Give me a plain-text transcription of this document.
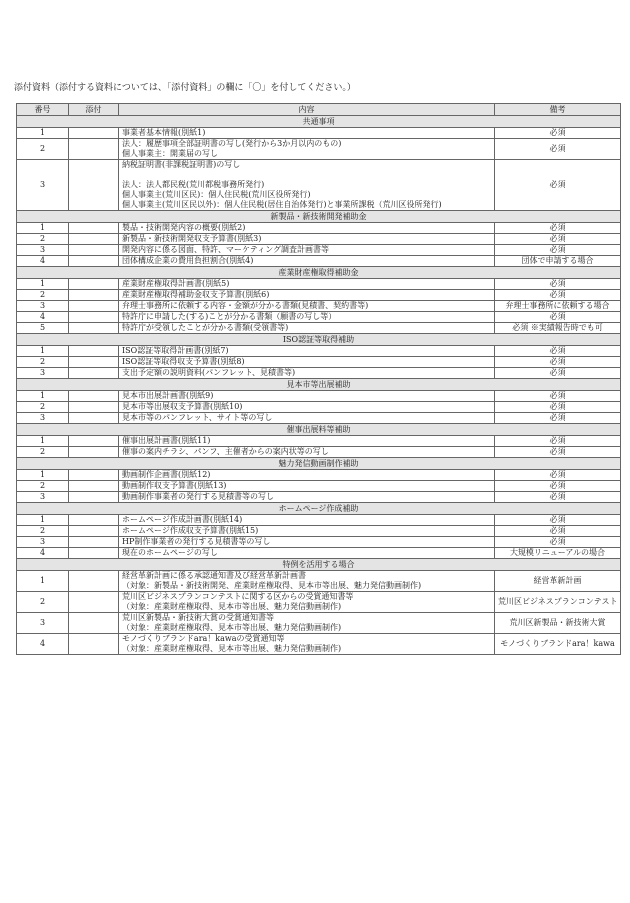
添付資料（添付する資料については、「添付資料」の欄に「〇」を付してください。）
番号	添付	内容	備考
共通事項			
1		事業者基本情報(別紙1)	必須
2		法人：履歴事項全部証明書の写し(発行から3か月以内のもの)
個人事業主：開業届の写し	必須
3		納税証明書(非課税証明書)の写し

法人：法人都民税(荒川都税事務所発行)
個人事業主(荒川区民)：個人住民税(荒川区役所発行)
個人事業主(荒川区民以外)：個人住民税(居住自治体発行)と事業所課税（荒川区役所発行)	必須
新製品・新技術開発補助金			
1		製品・技術開発内容の概要(別紙2)	必須
2		新製品・新技術開発収支予算書(別紙3)	必須
3		開発内容に係る図面、特許、マーケティング調査計画書等	必須
4		団体構成企業の費用負担割合(別紙4)	団体で申請する場合
産業財産権取得補助金			
1		産業財産権取得計画書(別紙5)	必須
2		産業財産権取得補助金収支予算書(別紙6)	必須
3		弁理士事務所に依頼する内容・金額が分かる書類(見積書、契約書等)	弁理士事務所に依頼する場合
4		特許庁に申請した(する)ことが分かる書類（願書の写し等）	必須
5		特許庁が受領したことが分かる書類(受領書等)	必須 ※実績報告時でも可
ISO認証等取得補助			
1		ISO認証等取得計画書(別紙7)	必須
2		ISO認証等取得収支予算書(別紙8)	必須
3		支出予定額の説明資料(パンフレット、見積書等)	必須
見本市等出展補助			
1		見本市出展計画書(別紙9)	必須
2		見本市等出展収支予算書(別紙10)	必須
3		見本市等のパンフレット、サイト等の写し	必須
催事出展料等補助			
1		催事出展計画書(別紙11)	必須
2		催事の案内チラシ、パンフ、主催者からの案内状等の写し	必須
魅力発信動画制作補助			
1		動画制作企画書(別紙12)	必須
2		動画制作収支予算書(別紙13)	必須
3		動画制作事業者の発行する見積書等の写し	必須
ホームページ作成補助			
1		ホームページ作成計画書(別紙14)	必須
2		ホームページ作成収支予算書(別紙15)	必須
3		HP制作事業者の発行する見積書等の写し	必須
4		現在のホームページの写し	大規模リニューアルの場合
特例を活用する場合			
1		経営革新計画に係る承認通知書及び経営革新計画書
（対象：新製品・新技術開発、産業財産権取得、見本市等出展、魅力発信動画制作)	経営革新計画
2		荒川区ビジネスプランコンテストに関する区からの受賞通知書等
（対象：産業財産権取得、見本市等出展、魅力発信動画制作)	荒川区ビジネスプランコンテスト
3		荒川区新製品・新技術大賞の受賞通知書等
（対象：産業財産権取得、見本市等出展、魅力発信動画制作)	荒川区新製品・新技術大賞
4		モノづくりブランドara！kawaの受賞通知等
（対象：産業財産権取得、見本市等出展、魅力発信動画制作)	モノづくりブランドara！kawa
